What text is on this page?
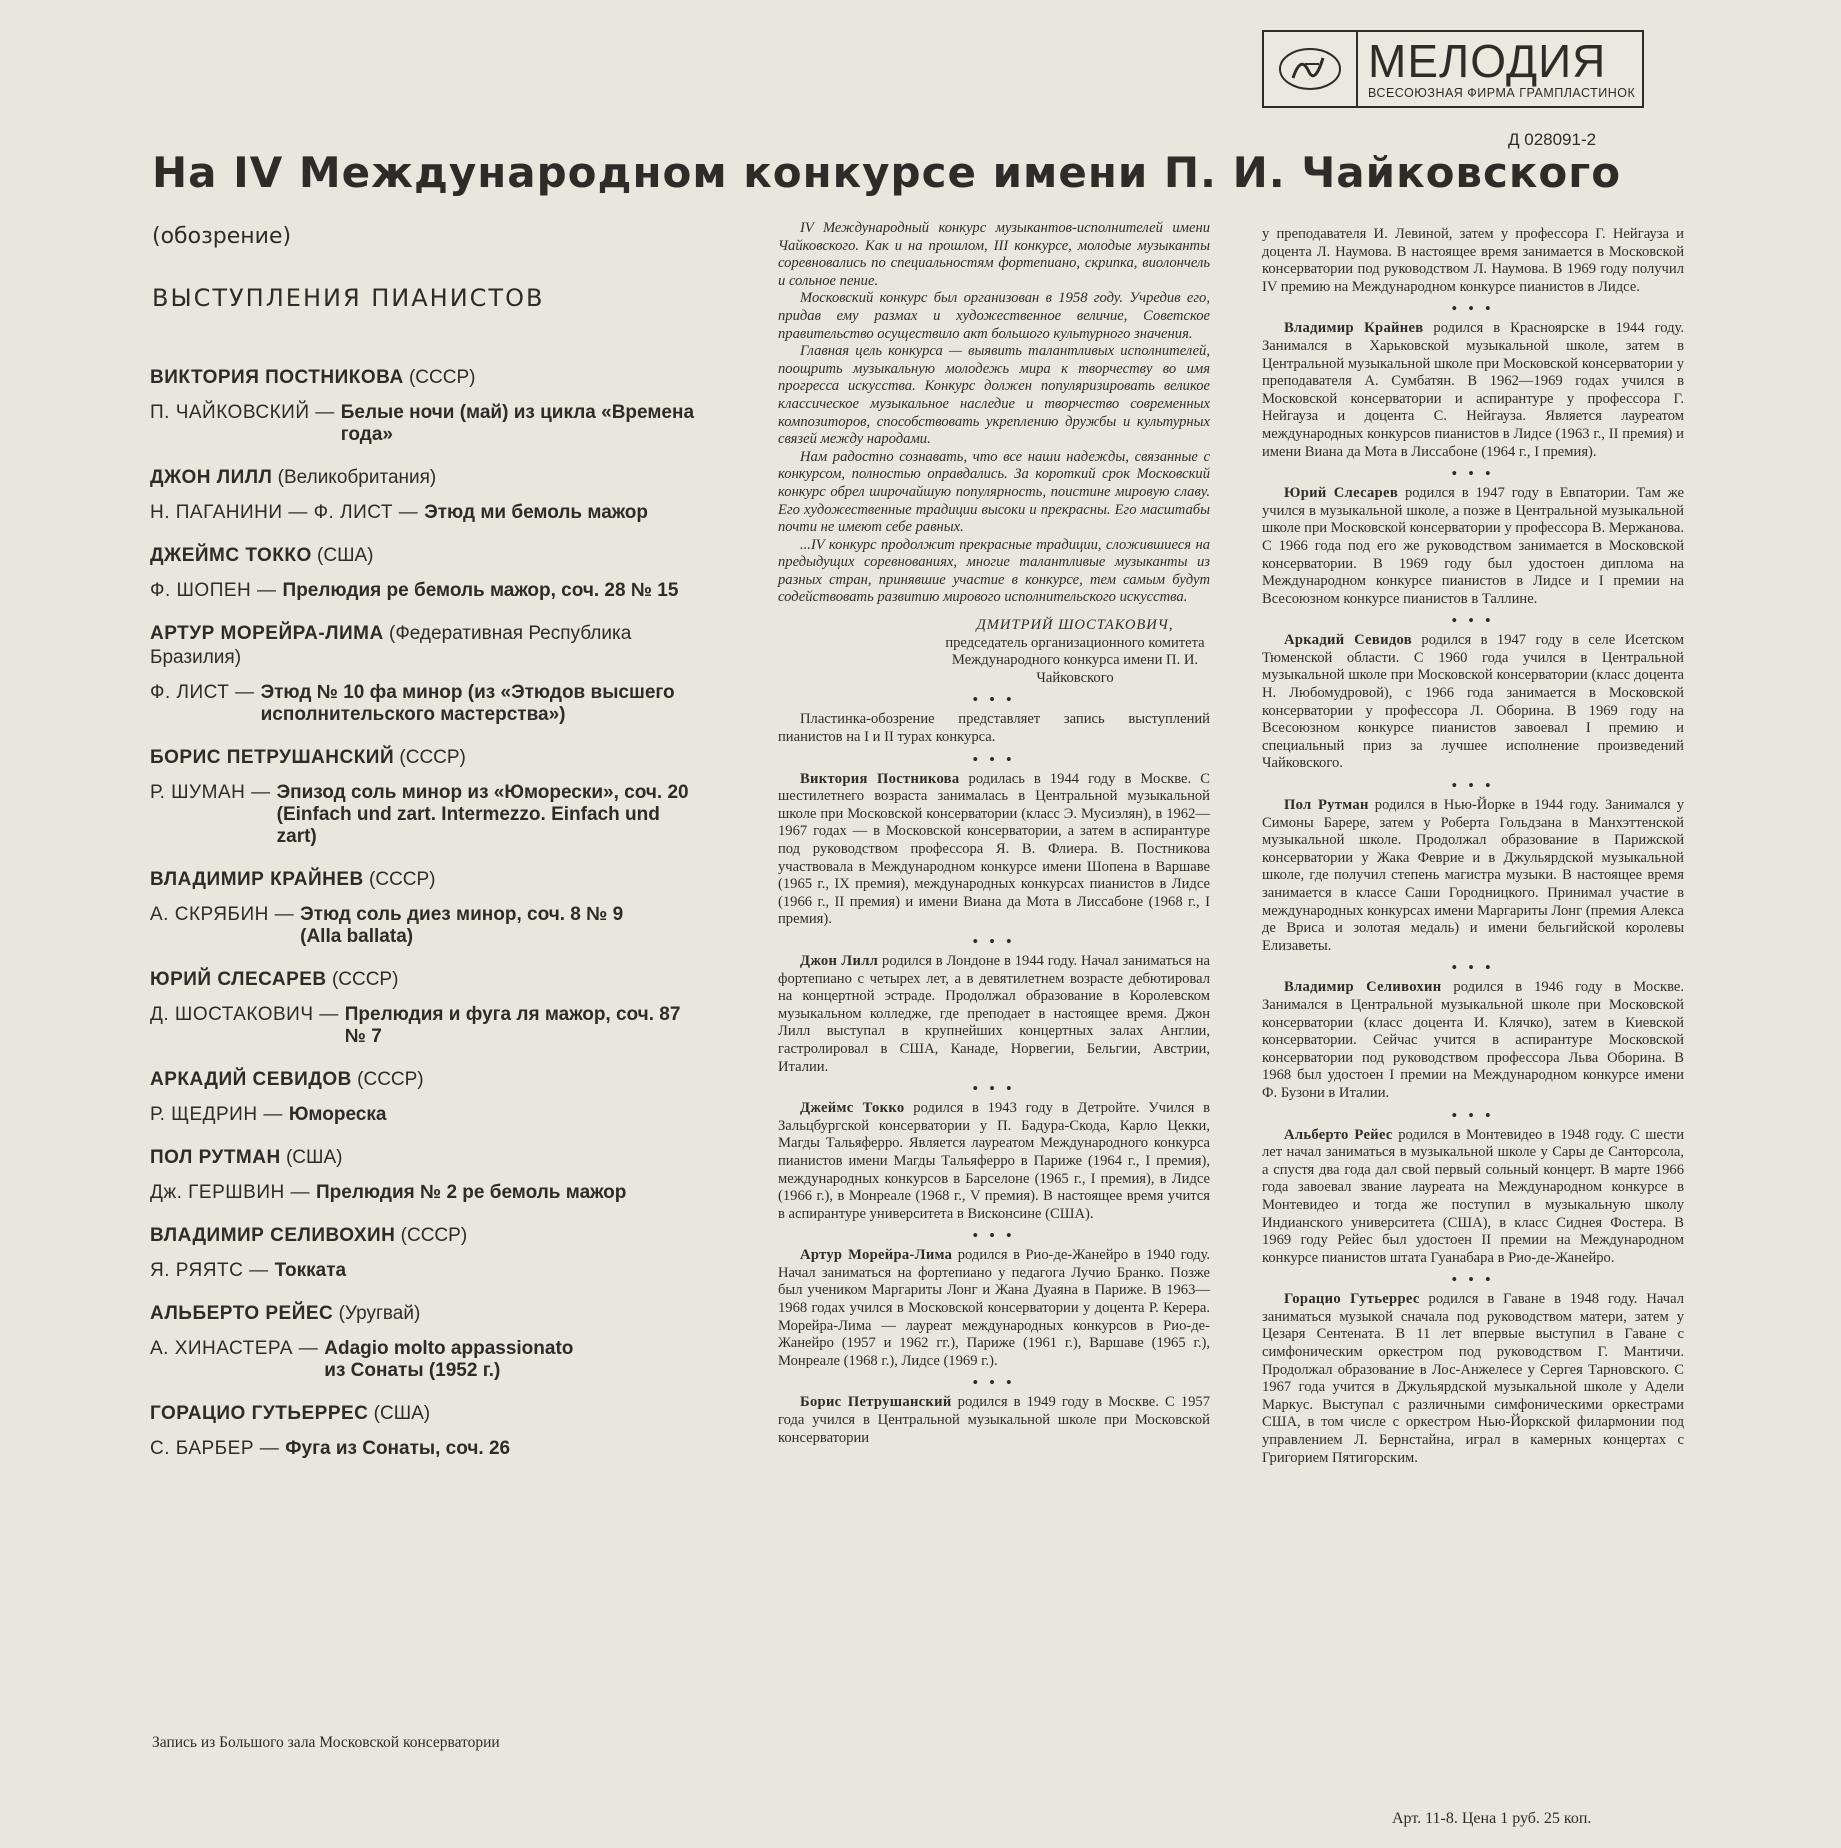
МЕЛОДИЯ
ВСЕСОЮЗНАЯ ФИРМА ГРАМПЛАСТИНОК
Д 028091-2
На IV Международном конкурсе имени П. И. Чайковского
(обозрение)
ВЫСТУПЛЕНИЯ ПИАНИСТОВ
ВИКТОРИЯ ПОСТНИКОВА (СССР)
П. ЧАЙКОВСКИЙ — Белые ночи (май) из цикла «Времена года»
ДЖОН ЛИЛЛ (Великобритания)
Н. ПАГАНИНИ — Ф. ЛИСТ — Этюд ми бемоль мажор
ДЖЕЙМС ТОККО (США)
Ф. ШОПЕН — Прелюдия ре бемоль мажор, соч. 28 № 15
АРТУР МОРЕЙРА-ЛИМА (Федеративная Республика Бразилия)
Ф. ЛИСТ — Этюд № 10 фа минор (из «Этюдов высшего исполнительского мастерства»)
БОРИС ПЕТРУШАНСКИЙ (СССР)
Р. ШУМАН — Эпизод соль минор из «Юморески», соч. 20
(Einfach und zart. Intermezzo. Einfach und zart)
ВЛАДИМИР КРАЙНЕВ (СССР)
А. СКРЯБИН — Этюд соль диез минор, соч. 8 № 9
(Alla ballata)
ЮРИЙ СЛЕСАРЕВ (СССР)
Д. ШОСТАКОВИЧ — Прелюдия и фуга ля мажор, соч. 87 № 7
АРКАДИЙ СЕВИДОВ (СССР)
Р. ЩЕДРИН — Юмореска
ПОЛ РУТМАН (США)
Дж. ГЕРШВИН — Прелюдия № 2 ре бемоль мажор
ВЛАДИМИР СЕЛИВОХИН (СССР)
Я. РЯЯТС — Токката
АЛЬБЕРТО РЕЙЕС (Уругвай)
А. ХИНАСТЕРА — Adagio molto appassionato
из Сонаты (1952 г.)
ГОРАЦИО ГУТЬЕРРЕС (США)
С. БАРБЕР — Фуга из Сонаты, соч. 26
Запись из Большого зала Московской консерватории

IV Международный конкурс музыкантов-исполнителей имени Чайковского. Как и на прошлом, III конкурсе, молодые музыканты соревновались по специальностям фортепиано, скрипка, виолончель и сольное пение.

Московский конкурс был организован в 1958 году. Учредив его, придав ему размах и художественное величие, Советское правительство осуществило акт большого культурного значения.

Главная цель конкурса — выявить талантливых исполнителей, поощрить музыкальную молодежь мира к творчеству во имя прогресса искусства. Конкурс должен популяризировать великое классическое музыкальное наследие и творчество современных композиторов, способствовать укреплению дружбы и культурных связей между народами.

Нам радостно сознавать, что все наши надежды, связанные с конкурсом, полностью оправдались. За короткий срок Московский конкурс обрел широчайшую популярность, поистине мировую славу. Его художественные традиции высоки и прекрасны. Его масштабы почти не имеют себе равных.

...IV конкурс продолжит прекрасные традиции, сложившиеся на предыдущих соревнованиях, многие талантливые музыканты из разных стран, принявшие участие в конкурсе, тем самым будут содействовать развитию мирового исполнительского искусства.

ДМИТРИЙ ШОСТАКОВИЧ,
председатель организационного комитета Международного конкурса имени П. И. Чайковского
• • •

Пластинка-обозрение представляет запись выступлений пианистов на I и II турах конкурса.

• • •

Виктория Постникова родилась в 1944 году в Москве. С шестилетнего возраста занималась в Центральной музыкальной школе при Московской консерватории (класс Э. Мусиэлян), в 1962—1967 годах — в Московской консерватории, а затем в аспирантуре под руководством профессора Я. В. Флиера. В. Постникова участвовала в Международном конкурсе имени Шопена в Варшаве (1965 г., IX премия), международных конкурсах пианистов в Лидсе (1966 г., II премия) и имени Виана да Мота в Лиссабоне (1968 г., I премия).

• • •

Джон Лилл родился в Лондоне в 1944 году. Начал заниматься на фортепиано с четырех лет, а в девятилетнем возрасте дебютировал на концертной эстраде. Продолжал образование в Королевском музыкальном колледже, где преподает в настоящее время. Джон Лилл выступал в крупнейших концертных залах Англии, гастролировал в США, Канаде, Норвегии, Бельгии, Австрии, Италии.

• • •

Джеймс Токко родился в 1943 году в Детройте. Учился в Зальцбургской консерватории у П. Бадура-Скода, Карло Цекки, Магды Тальяферро. Является лауреатом Международного конкурса пианистов имени Магды Тальяферро в Париже (1964 г., I премия), международных конкурсов в Барселоне (1965 г., I премия), в Лидсе (1966 г.), в Монреале (1968 г., V премия). В настоящее время учится в аспирантуре университета в Висконсине (США).

• • •

Артур Морейра-Лима родился в Рио-де-Жанейро в 1940 году. Начал заниматься на фортепиано у педагога Лучио Бранко. Позже был учеником Маргариты Лонг и Жана Дуаяна в Париже. В 1963—1968 годах учился в Московской консерватории у доцента Р. Керера. Морейра-Лима — лауреат международных конкурсов в Рио-де-Жанейро (1957 и 1962 гг.), Париже (1961 г.), Варшаве (1965 г.), Монреале (1968 г.), Лидсе (1969 г.).

• • •

Борис Петрушанский родился в 1949 году в Москве. С 1957 года учился в Центральной музыкальной школе при Московской консерватории

у преподавателя И. Левиной, затем у профессора Г. Нейгауза и доцента Л. Наумова. В настоящее время занимается в Московской консерватории под руководством Л. Наумова. В 1969 году получил IV премию на Международном конкурсе пианистов в Лидсе.

• • •

Владимир Крайнев родился в Красноярске в 1944 году. Занимался в Харьковской музыкальной школе, затем в Центральной музыкальной школе при Московской консерватории у преподавателя А. Сумбатян. В 1962—1969 годах учился в Московской консерватории и аспирантуре у профессора Г. Нейгауза и доцента С. Нейгауза. Является лауреатом международных конкурсов пианистов в Лидсе (1963 г., II премия) и имени Виана да Мота в Лиссабоне (1964 г., I премия).

• • •

Юрий Слесарев родился в 1947 году в Евпатории. Там же учился в музыкальной школе, а позже в Центральной музыкальной школе при Московской консерватории у профессора В. Мержанова. С 1966 года под его же руководством занимается в Московской консерватории. В 1969 году был удостоен диплома на Международном конкурсе пианистов в Лидсе и I премии на Всесоюзном конкурсе пианистов в Таллине.

• • •

Аркадий Севидов родился в 1947 году в селе Исетском Тюменской области. С 1960 года учился в Центральной музыкальной школе при Московской консерватории (класс доцента Н. Любомудровой), с 1966 года занимается в Московской консерватории у профессора Л. Оборина. В 1969 году на Всесоюзном конкурсе пианистов завоевал I премию и специальный приз за лучшее исполнение произведений Чайковского.

• • •

Пол Рутман родился в Нью-Йорке в 1944 году. Занимался у Симоны Барере, затем у Роберта Гольдзана в Манхэттенской музыкальной школе. Продолжал образование в Парижской консерватории у Жака Февриe и в Джульярдской музыкальной школе, где получил степень магистра музыки. В настоящее время занимается в классе Саши Городницкого. Принимал участие в международных конкурсах имени Маргариты Лонг (премия Алекса де Вриса и золотая медаль) и имени бельгийской королевы Елизаветы.

• • •

Владимир Селивохин родился в 1946 году в Москве. Занимался в Центральной музыкальной школе при Московской консерватории (класс доцента И. Клячко), затем в Киевской консерватории. Сейчас учится в аспирантуре Московской консерватории под руководством профессора Льва Оборина. В 1968 был удостоен I премии на Международном конкурсе имени Ф. Бузони в Италии.

• • •

Альберто Рейес родился в Монтевидео в 1948 году. С шести лет начал заниматься в музыкальной школе у Сары де Санторсола, а спустя два года дал свой первый сольный концерт. В марте 1966 года завоевал звание лауреата на Международном конкурсе в Монтевидео и тогда же поступил в музыкальную школу Индианского университета (США), в класс Сиднея Фостера. В 1969 году Рейес был удостоен II премии на Международном конкурсе пианистов штата Гуанабара в Рио-де-Жанейро.

• • •

Горацио Гутьеррес родился в Гаване в 1948 году. Начал заниматься музыкой сначала под руководством матери, затем у Цезаря Сентената. В 11 лет впервые выступил в Гаване с симфоническим оркестром под руководством Г. Мантичи. Продолжал образование в Лос-Анжелесе у Сергея Тарновского. С 1967 года учится в Джульярдской музыкальной школе у Адели Маркус. Выступал с различными симфоническими оркестрами США, в том числе с оркестром Нью-Йоркской филармонии под управлением Л. Бернстайна, играл в камерных концертах с Григорием Пятигорским.

Арт. 11-8. Цена 1 руб. 25 коп.
